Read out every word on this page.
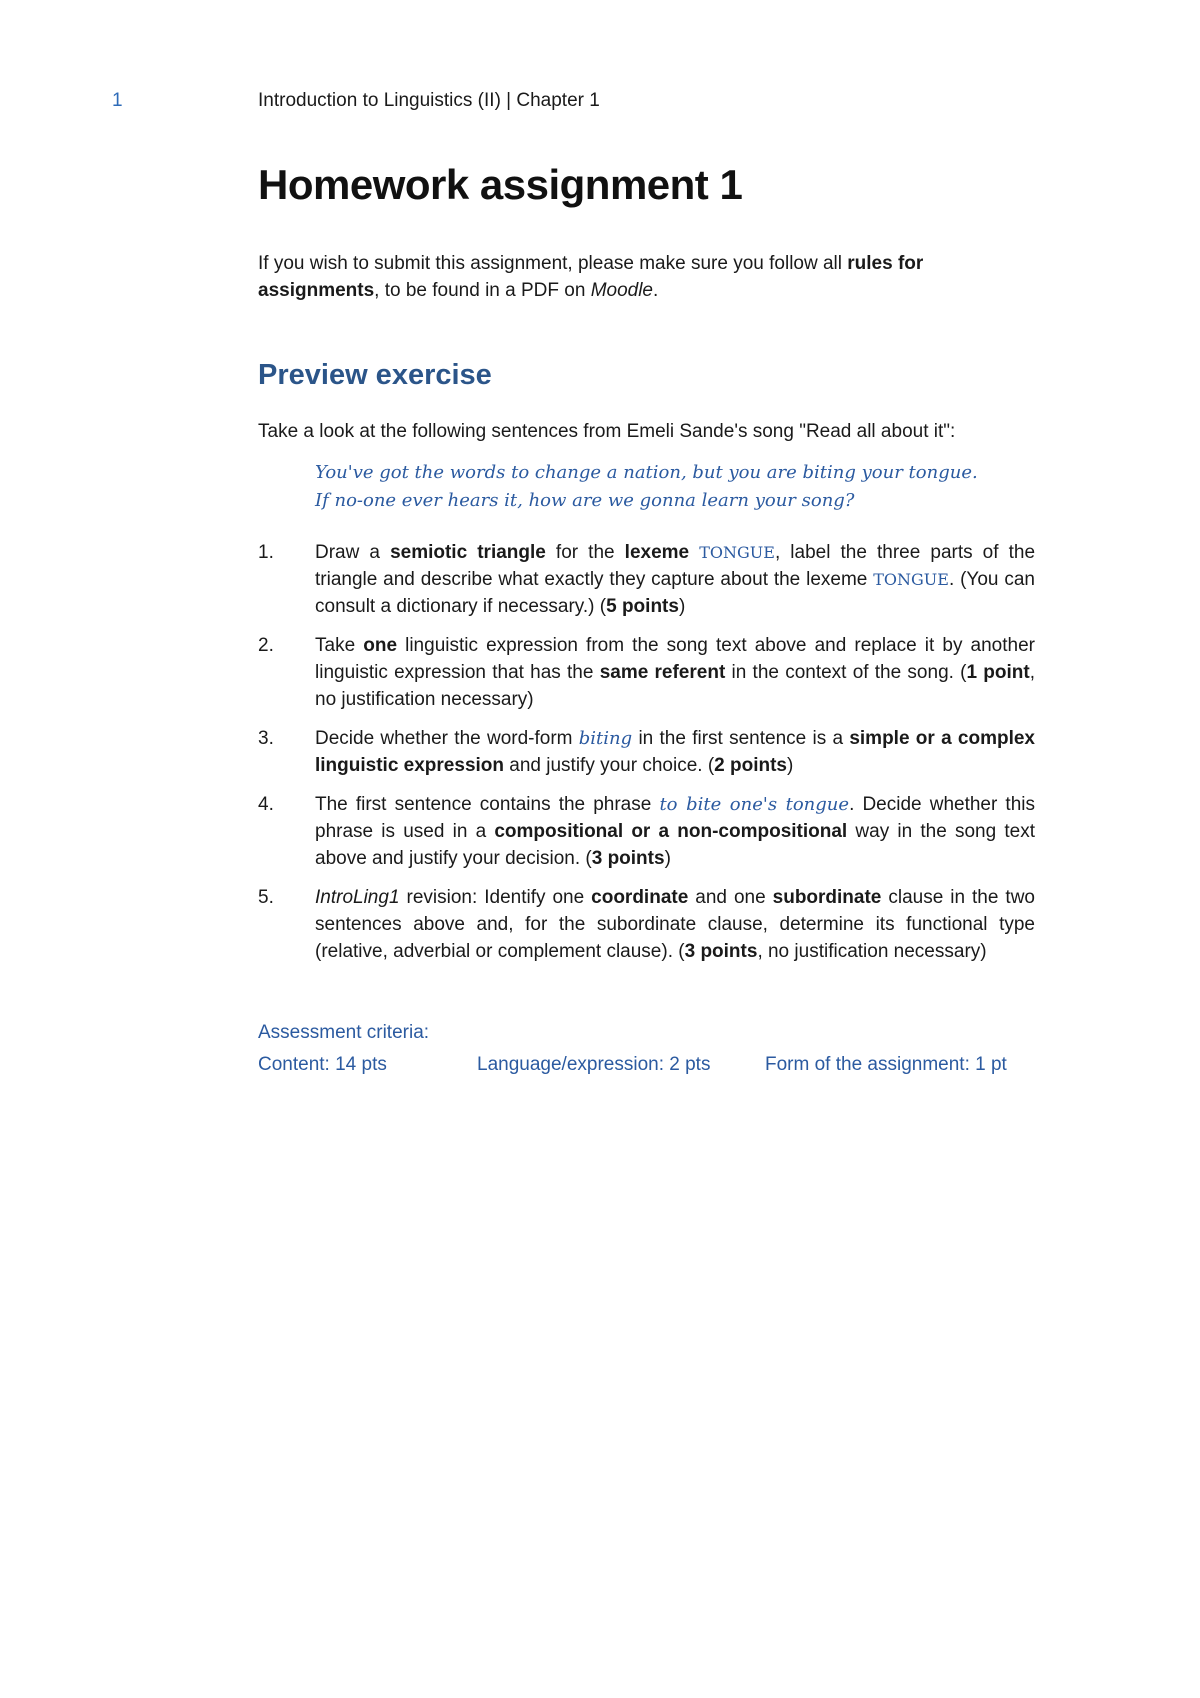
1	Introduction to Linguistics (II) | Chapter 1
Homework assignment 1

If you wish to submit this assignment, please make sure you follow all rules for assignments, to be found in a PDF on Moodle.

Preview exercise

Take a look at the following sentences from Emeli Sande's song "Read all about it":

You've got the words to change a nation, but you are biting your tongue.
If no-one ever hears it, how are we gonna learn your song?
1. Draw a semiotic triangle for the lexeme TONGUE, label the three parts of the triangle and describe what exactly they capture about the lexeme TONGUE. (You can consult a dictionary if necessary.) (5 points)
2. Take one linguistic expression from the song text above and replace it by another linguistic expression that has the same referent in the context of the song. (1 point, no justification necessary)
3. Decide whether the word-form biting in the first sentence is a simple or a complex linguistic expression and justify your choice. (2 points)
4. The first sentence contains the phrase to bite one's tongue. Decide whether this phrase is used in a compositional or a non-compositional way in the song text above and justify your decision. (3 points)
5. IntroLing1 revision: Identify one coordinate and one subordinate clause in the two sentences above and, for the subordinate clause, determine its functional type (relative, adverbial or complement clause). (3 points, no justification necessary)
Assessment criteria:
Content: 14 pts	Language/expression: 2 pts	Form of the assignment: 1 pt
